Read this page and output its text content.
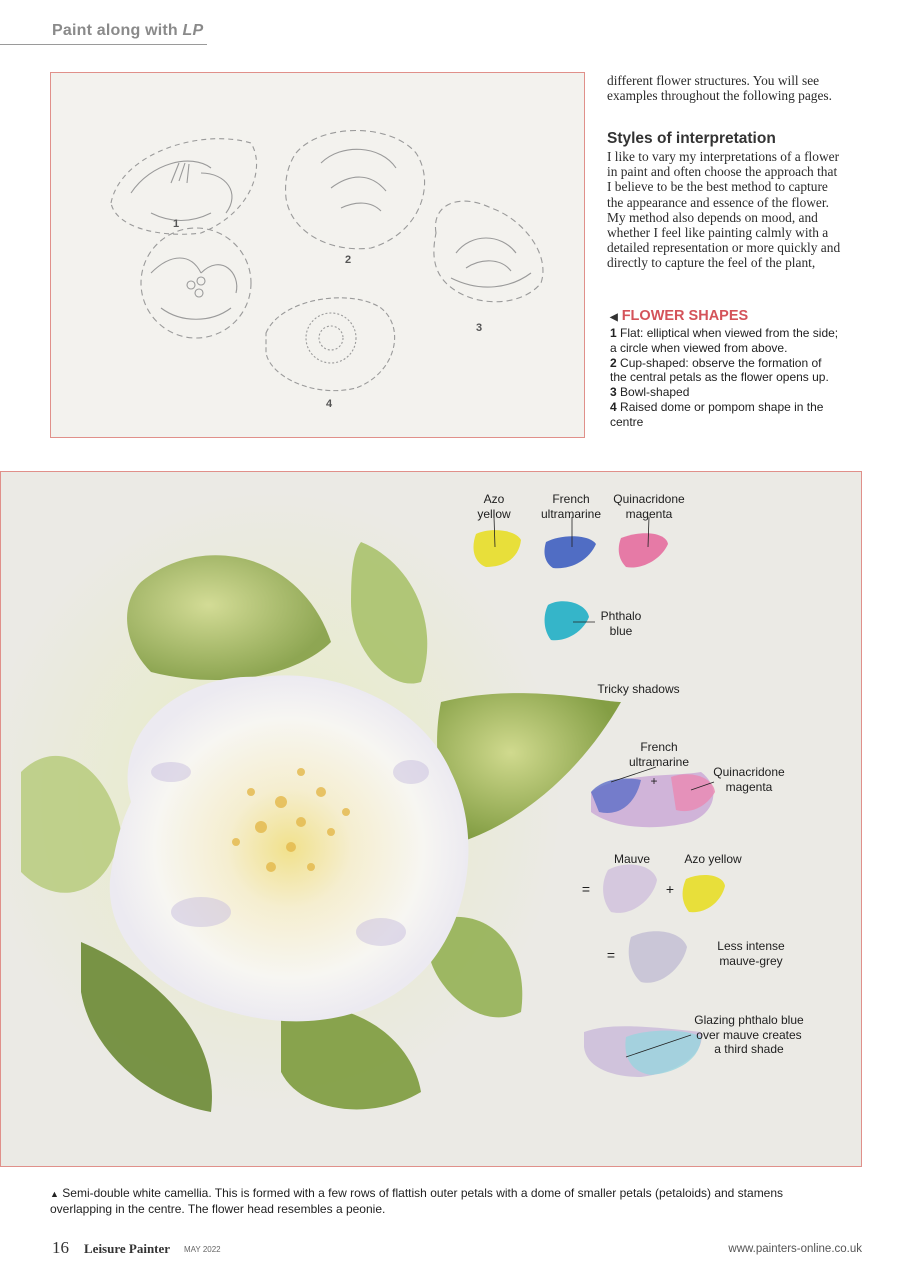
Paint along with LP
1
2
3
4
different flower structures. You will see examples throughout the following pages.
Styles of interpretation
I like to vary my interpretations of a flower in paint and often choose the approach that I believe to be the best method to capture the appearance and essence of the flower. My method also depends on mood, and whether I feel like painting calmly with a detailed representation or more quickly and directly to capture the feel of the plant,
◀ FLOWER SHAPES
1 Flat: elliptical when viewed from the side; a circle when viewed from above.
2 Cup-shaped: observe the formation of the central petals as the flower opens up.
3 Bowl-shaped
4 Raised dome or pompom shape in the centre
Azo
yellow
French
ultramarine
Quinacridone
magenta
Phthalo
blue
Tricky shadows
French
ultramarine
+
Quinacridone
magenta
Mauve	Azo yellow
=	+
=
Less intense
mauve-grey
Glazing phthalo blue
over mauve creates
a third shade
▲ Semi-double white camellia. This is formed with a few rows of flattish outer petals with a dome of smaller petals (petaloids) and stamens overlapping in the centre. The flower head resembles a peonie.
16 Leisure Painter MAY 2022	www.painters-online.co.uk
